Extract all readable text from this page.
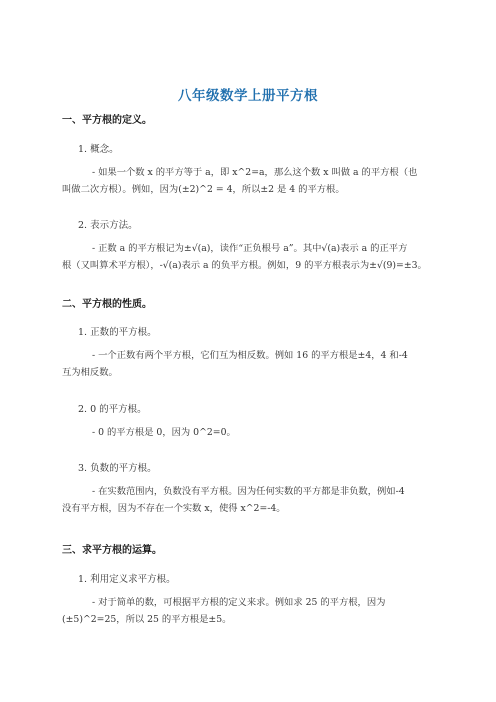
八年级数学上册平方根
一、平方根的定义。
1. 概念。
- 如果一个数 x 的平方等于 a，即 x^2=a，那么这个数 x 叫做 a 的平方根（也
叫做二次方根）。例如，因为(±2)^2 = 4，所以±2 是 4 的平方根。
2. 表示方法。
- 正数 a 的平方根记为±√(a)，读作“正负根号 a”。其中√(a)表示 a 的正平方
根（又叫算术平方根），-√(a)表示 a 的负平方根。例如，9 的平方根表示为±√(9)=±3。
二、平方根的性质。
1. 正数的平方根。
- 一个正数有两个平方根，它们互为相反数。例如 16 的平方根是±4，4 和-4
互为相反数。
2. 0 的平方根。
- 0 的平方根是 0，因为 0^2=0。
3. 负数的平方根。
- 在实数范围内，负数没有平方根。因为任何实数的平方都是非负数，例如-4
没有平方根，因为不存在一个实数 x，使得 x^2=-4。
三、求平方根的运算。
1. 利用定义求平方根。
- 对于简单的数，可根据平方根的定义来求。例如求 25 的平方根，因为
(±5)^2=25，所以 25 的平方根是±5。
